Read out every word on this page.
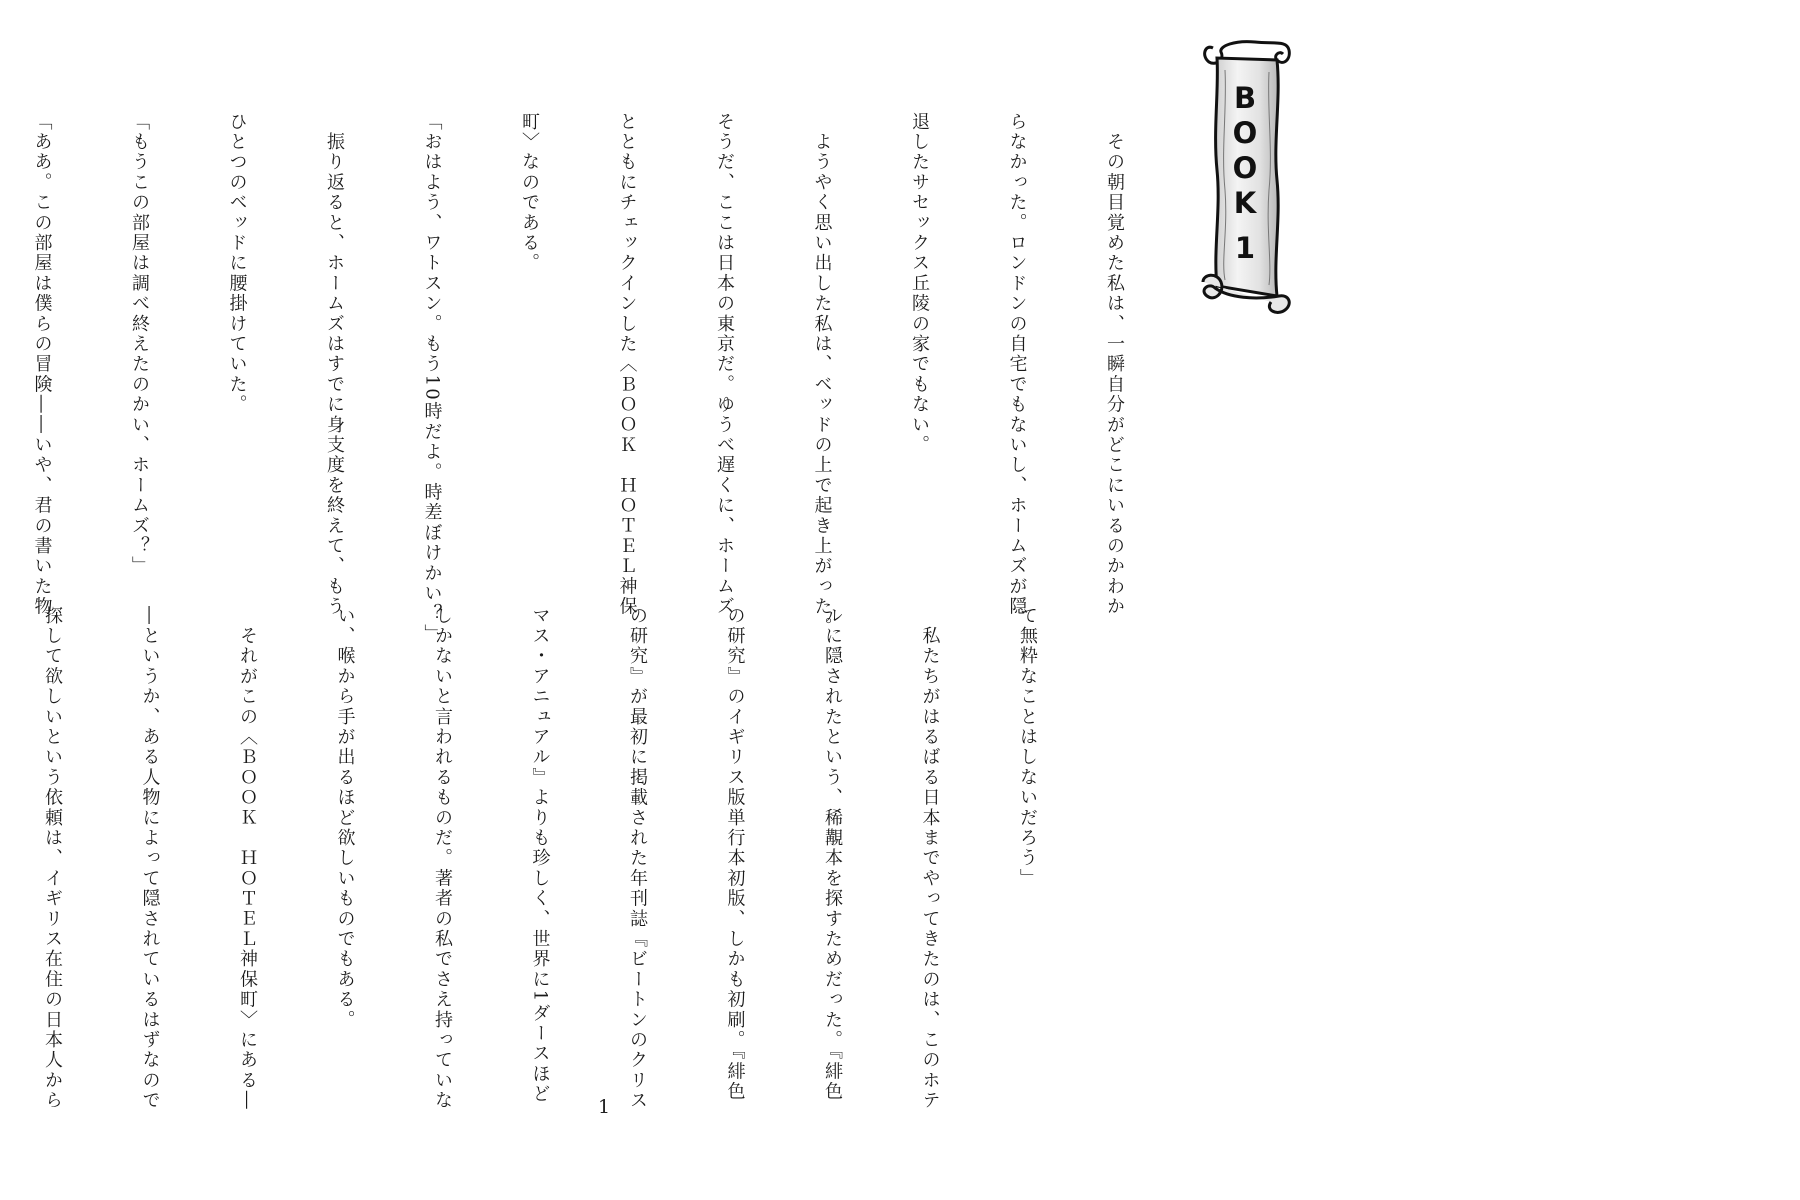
BOOK
1

　その朝目覚めた私は、一瞬自分がどこにいるのかわか

らなかった。ロンドンの自宅でもないし、ホームズが隠

退したサセックス丘陵の家でもない。

　ようやく思い出した私は、ベッドの上で起き上がった。

そうだ、ここは日本の東京だ。ゆうべ遅くに、ホームズ

とともにチェックインした〈ＢＯＯＫ　ＨＯＴＥＬ神保

町〉なのである。

「おはよう、ワトスン。もう10時だよ。時差ぼけかい？」

　振り返ると、ホームズはすでに身支度を終えて、もう

ひとつのベッドに腰掛けていた。

「もうこの部屋は調べ終えたのかい、ホームズ？」

「ああ。この部屋は僕らの冒険――いや、君の書いた物

て無粋なことはしないだろう」

　私たちがはるばる日本までやってきたのは、このホテ

ルに隠されたという、稀覯本を探すためだった。『緋色

の研究』のイギリス版単行本初版、しかも初刷。『緋色

の研究』が最初に掲載された年刊誌『ビートンのクリス

マス・アニュアル』よりも珍しく、世界に1ダースほど

しかないと言われるものだ。著者の私でさえ持っていな

い、喉から手が出るほど欲しいものでもある。

　それがこの〈ＢＯＯＫ　ＨＯＴＥＬ神保町〉にある―

―というか、ある人物によって隠されているはずなので

探して欲しいという依頼は、イギリス在住の日本人から

	1
